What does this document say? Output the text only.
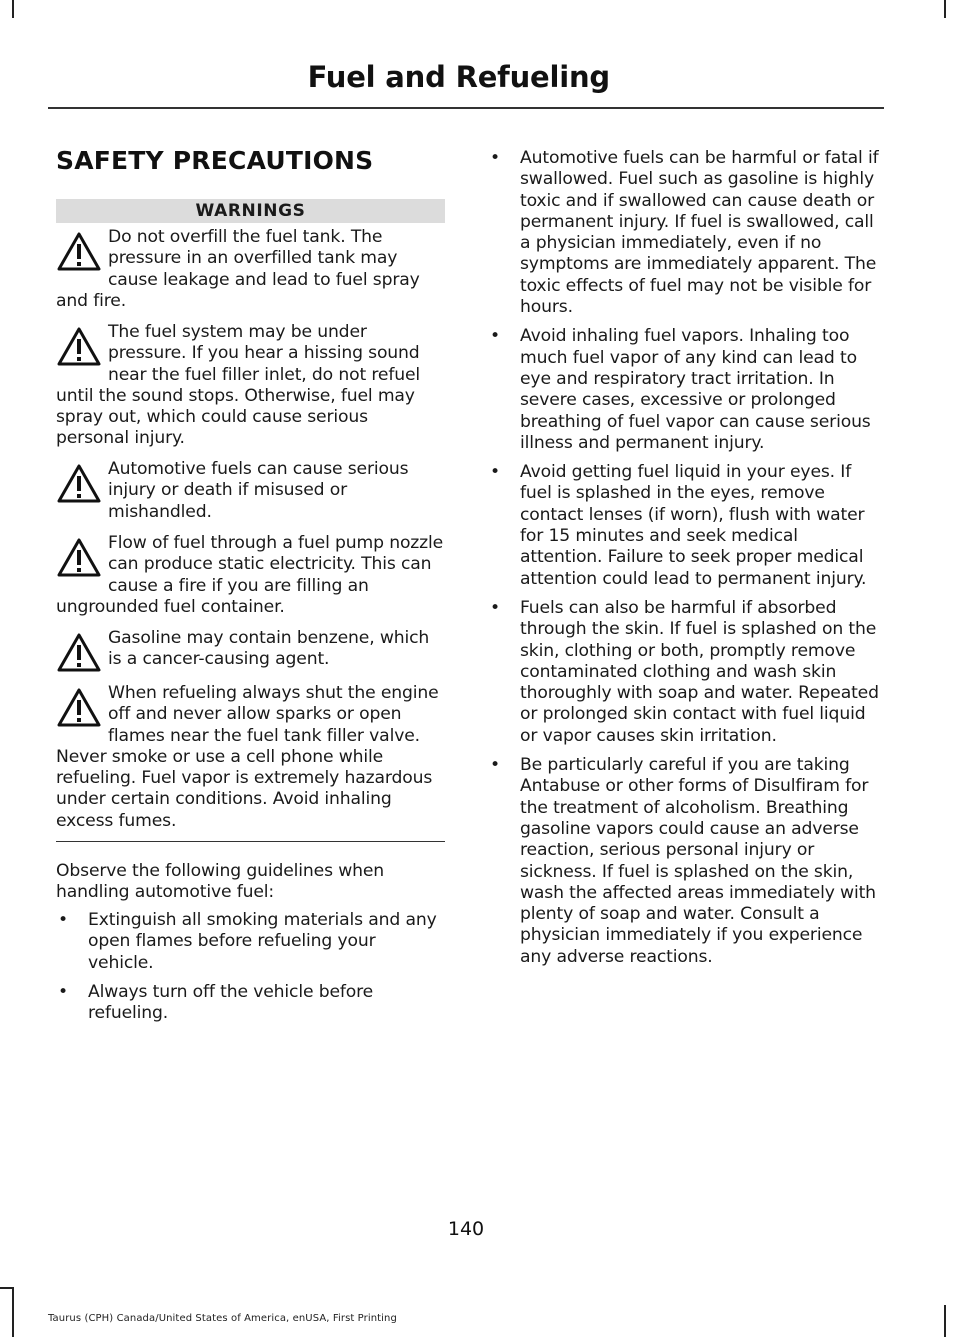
Fuel and Refueling
SAFETY PRECAUTIONS
WARNINGS
Do not overfill the fuel tank. The pressure in an overfilled tank may cause leakage and lead to fuel spray and fire.
The fuel system may be under pressure. If you hear a hissing sound near the fuel filler inlet, do not refuel until the sound stops. Otherwise, fuel may spray out, which could cause serious personal injury.
Automotive fuels can cause serious injury or death if misused or mishandled.
Flow of fuel through a fuel pump nozzle can produce static electricity. This can cause a fire if you are filling an ungrounded fuel container.
Gasoline may contain benzene, which is a cancer-causing agent.
When refueling always shut the engine off and never allow sparks or open flames near the fuel tank filler valve. Never smoke or use a cell phone while refueling. Fuel vapor is extremely hazardous under certain conditions. Avoid inhaling excess fumes.
Observe the following guidelines when handling automotive fuel:
• Extinguish all smoking materials and any open flames before refueling your vehicle.
• Always turn off the vehicle before refueling.
• Automotive fuels can be harmful or fatal if swallowed. Fuel such as gasoline is highly toxic and if swallowed can cause death or permanent injury. If fuel is swallowed, call a physician immediately, even if no symptoms are immediately apparent. The toxic effects of fuel may not be visible for hours.
• Avoid inhaling fuel vapors. Inhaling too much fuel vapor of any kind can lead to eye and respiratory tract irritation. In severe cases, excessive or prolonged breathing of fuel vapor can cause serious illness and permanent injury.
• Avoid getting fuel liquid in your eyes. If fuel is splashed in the eyes, remove contact lenses (if worn), flush with water for 15 minutes and seek medical attention. Failure to seek proper medical attention could lead to permanent injury.
• Fuels can also be harmful if absorbed through the skin. If fuel is splashed on the skin, clothing or both, promptly remove contaminated clothing and wash skin thoroughly with soap and water. Repeated or prolonged skin contact with fuel liquid or vapor causes skin irritation.
• Be particularly careful if you are taking Antabuse or other forms of Disulfiram for the treatment of alcoholism. Breathing gasoline vapors could cause an adverse reaction, serious personal injury or sickness. If fuel is splashed on the skin, wash the affected areas immediately with plenty of soap and water. Consult a physician immediately if you experience any adverse reactions.
140
Taurus (CPH) Canada/United States of America, enUSA, First Printing
